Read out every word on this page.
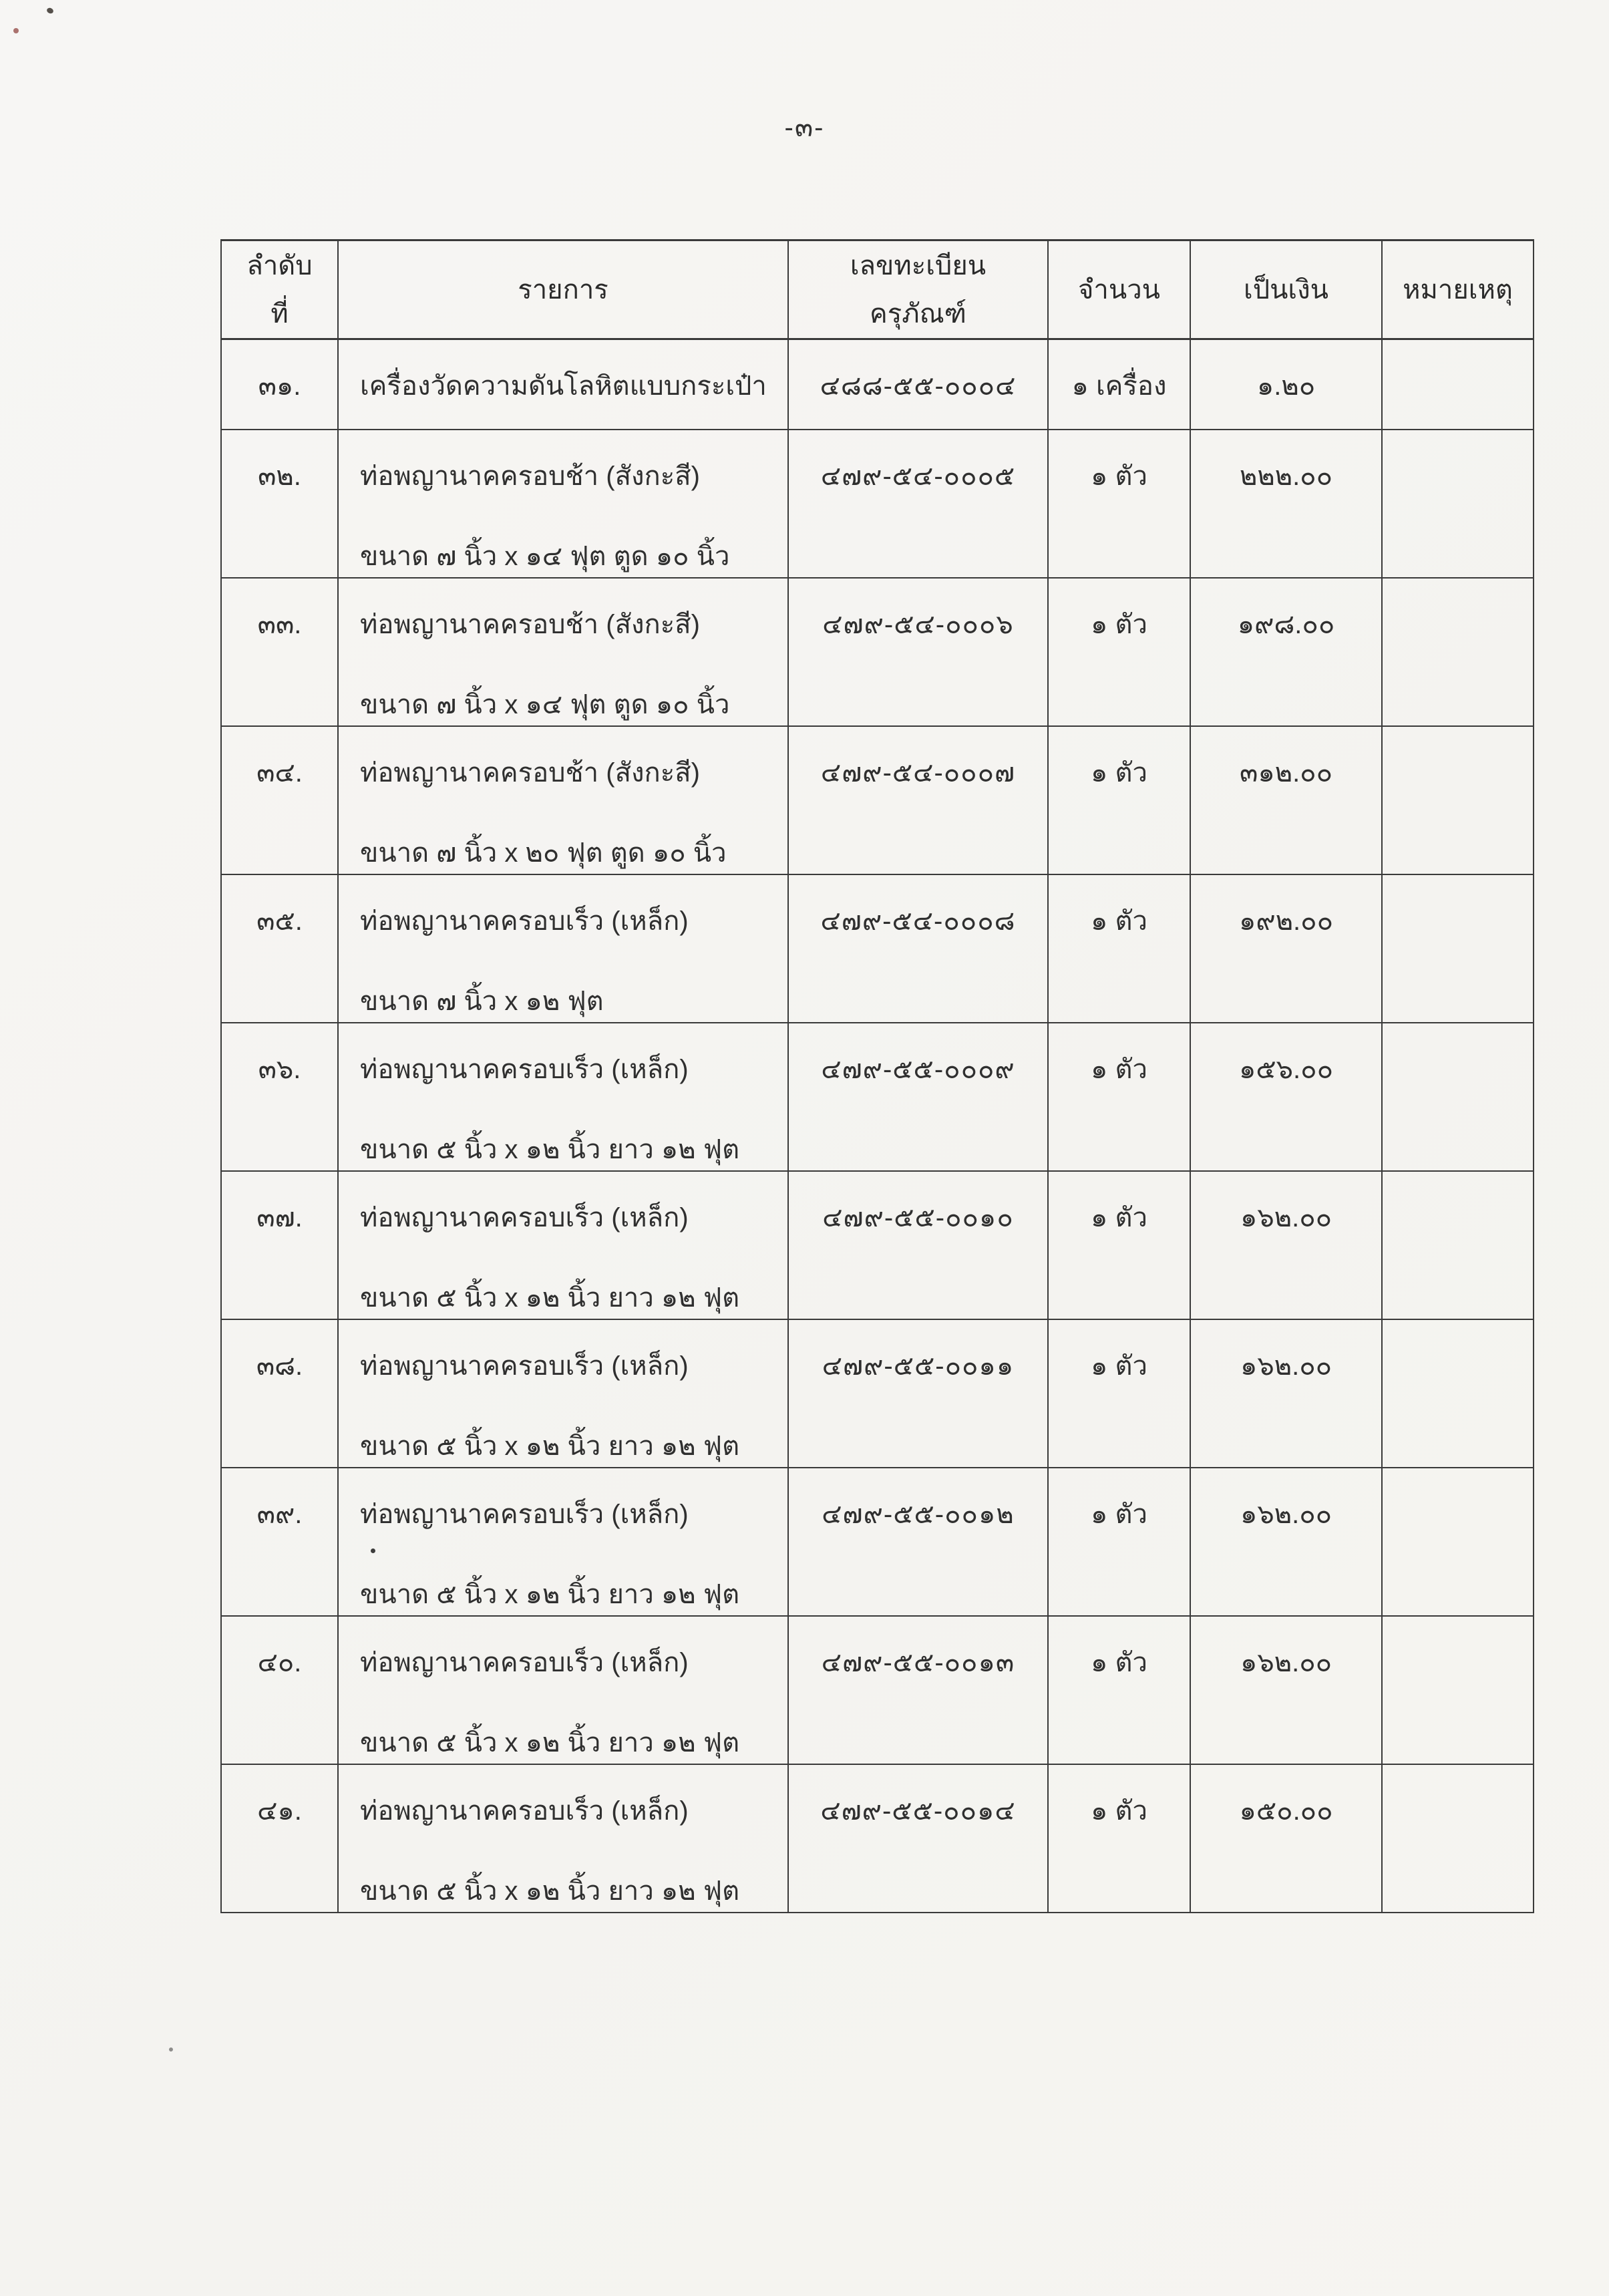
-๓-
ลำดับ
ที่
	รายการ	
เลขทะเบียน
ครุภัณฑ์
	จำนวน	เป็นเงิน	หมายเหตุ
๓๑.	เครื่องวัดความดันโลหิตแบบกระเป๋า	๔๘๘-๕๕-๐๐๐๔	๑ เครื่อง	๑.๒๐	
๓๒.	ท่อพญานาคครอบช้า (สังกะสี)
ขนาด ๗ นิ้ว x ๑๔ ฟุต ตูด ๑๐ นิ้ว	๔๗๙-๕๔-๐๐๐๕	๑ ตัว	๒๒๒.๐๐	
๓๓.	ท่อพญานาคครอบช้า (สังกะสี)
ขนาด ๗ นิ้ว x ๑๔ ฟุต ตูด ๑๐ นิ้ว	๔๗๙-๕๔-๐๐๐๖	๑ ตัว	๑๙๘.๐๐	
๓๔.	ท่อพญานาคครอบช้า (สังกะสี)
ขนาด ๗ นิ้ว x ๒๐ ฟุต ตูด ๑๐ นิ้ว	๔๗๙-๕๔-๐๐๐๗	๑ ตัว	๓๑๒.๐๐	
๓๕.	ท่อพญานาคครอบเร็ว (เหล็ก)
ขนาด ๗ นิ้ว x ๑๒ ฟุต	๔๗๙-๕๔-๐๐๐๘	๑ ตัว	๑๙๒.๐๐	
๓๖.	ท่อพญานาคครอบเร็ว (เหล็ก)
ขนาด ๕ นิ้ว x ๑๒ นิ้ว ยาว ๑๒ ฟุต	๔๗๙-๕๕-๐๐๐๙	๑ ตัว	๑๕๖.๐๐	
๓๗.	ท่อพญานาคครอบเร็ว (เหล็ก)
ขนาด ๕ นิ้ว x ๑๒ นิ้ว ยาว ๑๒ ฟุต	๔๗๙-๕๕-๐๐๑๐	๑ ตัว	๑๖๒.๐๐	
๓๘.	ท่อพญานาคครอบเร็ว (เหล็ก)
ขนาด ๕ นิ้ว x ๑๒ นิ้ว ยาว ๑๒ ฟุต	๔๗๙-๕๕-๐๐๑๑	๑ ตัว	๑๖๒.๐๐	
๓๙.	ท่อพญานาคครอบเร็ว (เหล็ก)
ขนาด ๕ นิ้ว x ๑๒ นิ้ว ยาว ๑๒ ฟุต	๔๗๙-๕๕-๐๐๑๒	๑ ตัว	๑๖๒.๐๐	
๔๐.	ท่อพญานาคครอบเร็ว (เหล็ก)
ขนาด ๕ นิ้ว x ๑๒ นิ้ว ยาว ๑๒ ฟุต	๔๗๙-๕๕-๐๐๑๓	๑ ตัว	๑๖๒.๐๐	
๔๑.	ท่อพญานาคครอบเร็ว (เหล็ก)
ขนาด ๕ นิ้ว x ๑๒ นิ้ว ยาว ๑๒ ฟุต	๔๗๙-๕๕-๐๐๑๔	๑ ตัว	๑๕๐.๐๐	
